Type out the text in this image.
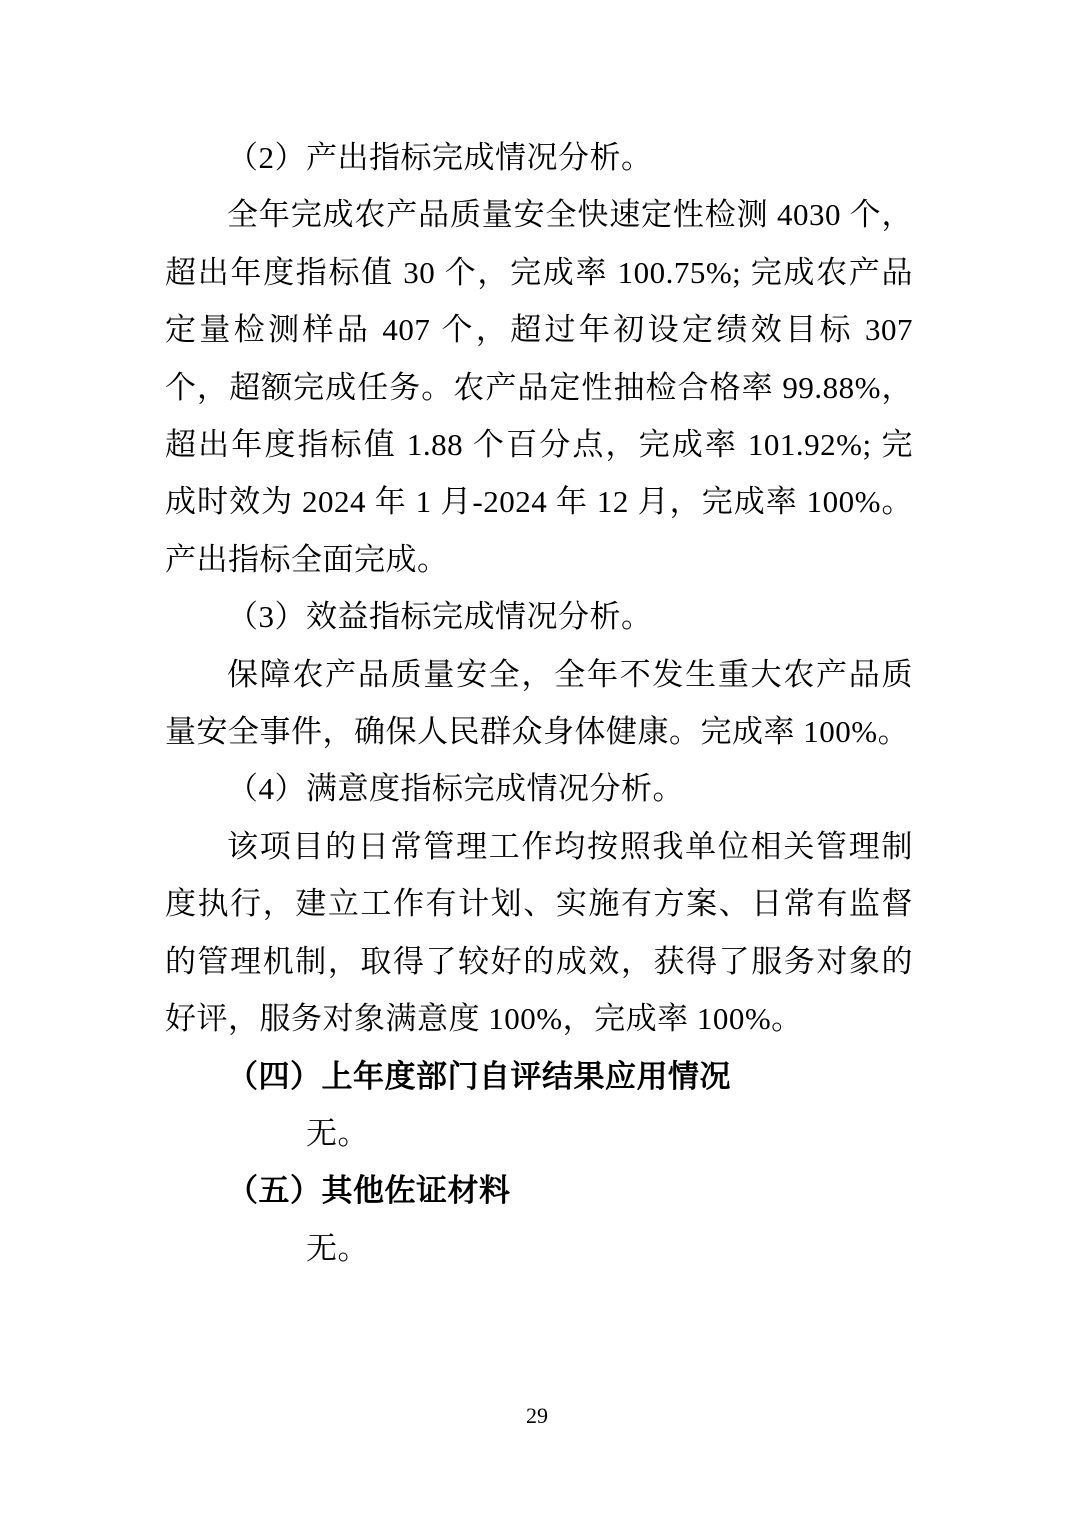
（2）产出指标完成情况分析。

全年完成农产品质量安全快速定性检测 4030 个，超出年度指标值 30 个，完成率 100.75%; 完成农产品定量检测样品 407 个，超过年初设定绩效目标 307 个，超额完成任务。农产品定性抽检合格率 99.88%，超出年度指标值 1.88 个百分点，完成率 101.92%; 完成时效为 2024 年 1 月-2024 年 12 月，完成率 100%。产出指标全面完成。

（3）效益指标完成情况分析。

保障农产品质量安全，全年不发生重大农产品质量安全事件，确保人民群众身体健康。完成率 100%。

（4）满意度指标完成情况分析。

该项目的日常管理工作均按照我单位相关管理制度执行，建立工作有计划、实施有方案、日常有监督的管理机制，取得了较好的成效，获得了服务对象的好评，服务对象满意度 100%，完成率 100%。

（四）上年度部门自评结果应用情况

无。

（五）其他佐证材料

无。

29
